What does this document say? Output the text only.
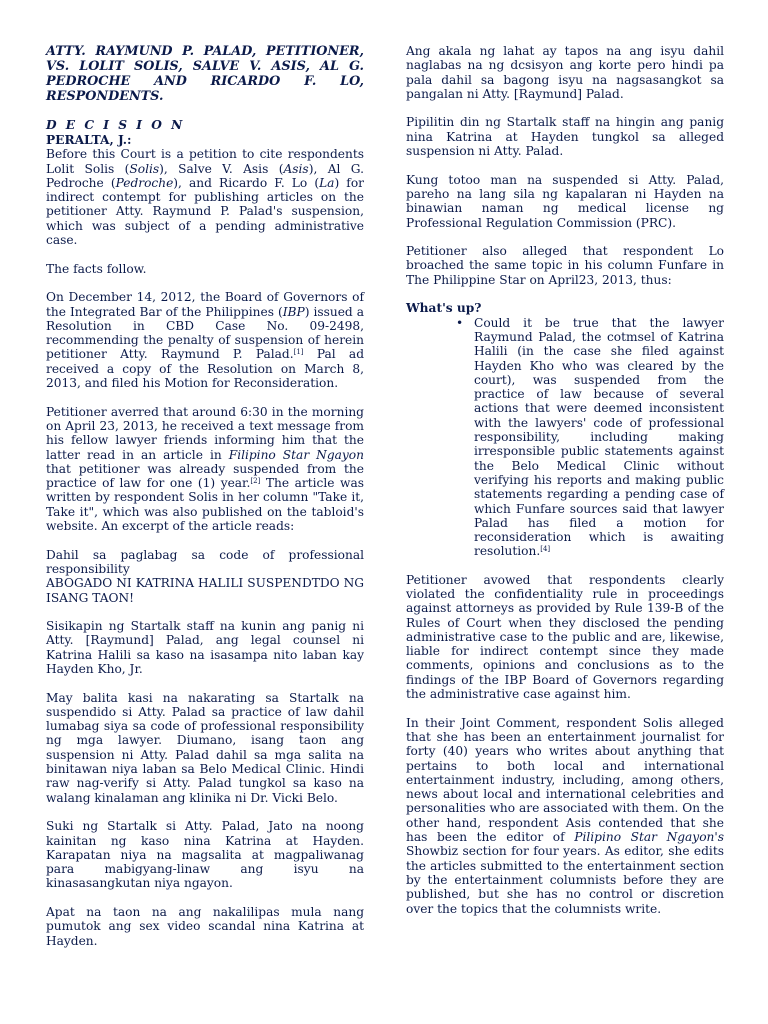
ATTY. RAYMUND P. PALAD, PETITIONER, VS. LOLIT SOLIS, SALVE V. ASIS, AL G. PEDROCHE AND RICARDO F. LO, RESPONDENTS.

D E C I S I O N

PERALTA, J.:

Before this Court is a petition to cite respondents Lolit Solis (Solis), Salve V. Asis (Asis), Al G. Pedroche (Pedroche), and Ricardo F. Lo (La) for indirect contempt for publishing articles on the petitioner Atty. Raymund P. Palad's suspension, which was subject of a pending administrative case.

The facts follow.

On December 14, 2012, the Board of Governors of the Integrated Bar of the Philippines (IBP) issued a Resolution in CBD Case No. 09-2498, recommending the penalty of suspension of herein petitioner Atty. Raymund P. Palad.[1] Pal ad received a copy of the Resolution on March 8, 2013, and filed his Motion for Reconsideration.

Petitioner averred that around 6:30 in the morning on April 23, 2013, he received a text message from his fellow lawyer friends informing him that the latter read in an article in Filipino Star Ngayon that petitioner was already suspended from the practice of law for one (1) year.[2] The article was written by respondent Solis in her column "Take it, Take it", which was also published on the tabloid's website. An excerpt of the article reads:

Dahil sa paglabag sa code of professional responsibility
ABOGADO NI KATRINA HALILI SUSPENDTDO NG ISANG TAON!

Sisikapin ng Startalk staff na kunin ang panig ni Atty. [Raymund] Palad, ang legal counsel ni Katrina Halili sa kaso na isasampa nito laban kay Hayden Kho, Jr.

May balita kasi na nakarating sa Startalk na suspendido si Atty. Palad sa practice of law dahil lumabag siya sa code of professional responsibility ng mga lawyer. Diumano, isang taon ang suspension ni Atty. Palad dahil sa mga salita na binitawan niya laban sa Belo Medical Clinic. Hindi raw nag-verify si Atty. Palad tungkol sa kaso na walang kinalaman ang klinika ni Dr. Vicki Belo.

Suki ng Startalk si Atty. Palad, Jato na noong kainitan ng kaso nina Katrina at Hayden. Karapatan niya na magsalita at magpaliwanag para mabigyang-linaw ang isyu na kinasasangkutan niya ngayon.

Apat na taon na ang nakalilipas mula nang pumutok ang sex video scandal nina Katrina at Hayden.

Ang akala ng lahat ay tapos na ang isyu dahil naglabas na ng dcsisyon ang korte pero hindi pa pala dahil sa bagong isyu na nagsasangkot sa pangalan ni Atty. [Raymund] Palad.

Pipilitin din ng Startalk staff na hingin ang panig nina Katrina at Hayden tungkol sa alleged suspension ni Atty. Palad.

Kung totoo man na suspended si Atty. Palad, pareho na lang sila ng kapalaran ni Hayden na binawian naman ng medical license ng Professional Regulation Commission (PRC).

Petitioner also alleged that respondent Lo broached the same topic in his column Funfare in The Philippine Star on April23, 2013, thus:

What's up?

• Could it be true that the lawyer Raymund Palad, the cotmsel of Katrina Halili (in the case she filed against Hayden Kho who was cleared by the court), was suspended from the practice of law because of several actions that were deemed inconsistent with the lawyers' code of professional responsibility, including making irresponsible public statements against the Belo Medical Clinic without verifying his reports and making public statements regarding a pending case of which Funfare sources said that lawyer Palad has filed a motion for reconsideration which is awaiting resolution.[4]

Petitioner avowed that respondents clearly violated the confidentiality rule in proceedings against attorneys as provided by Rule 139-B of the Rules of Court when they disclosed the pending administrative case to the public and are, likewise, liable for indirect contempt since they made comments, opinions and conclusions as to the findings of the IBP Board of Governors regarding the administrative case against him.

In their Joint Comment, respondent Solis alleged that she has been an entertainment journalist for forty (40) years who writes about anything that pertains to both local and international entertainment industry, including, among others, news about local and international celebrities and personalities who are associated with them. On the other hand, respondent Asis contended that she has been the editor of Pilipino Star Ngayon's Showbiz section for four years. As editor, she edits the articles submitted to the entertainment section by the entertainment columnists before they are published, but she has no control or discretion over the topics that the columnists write.
